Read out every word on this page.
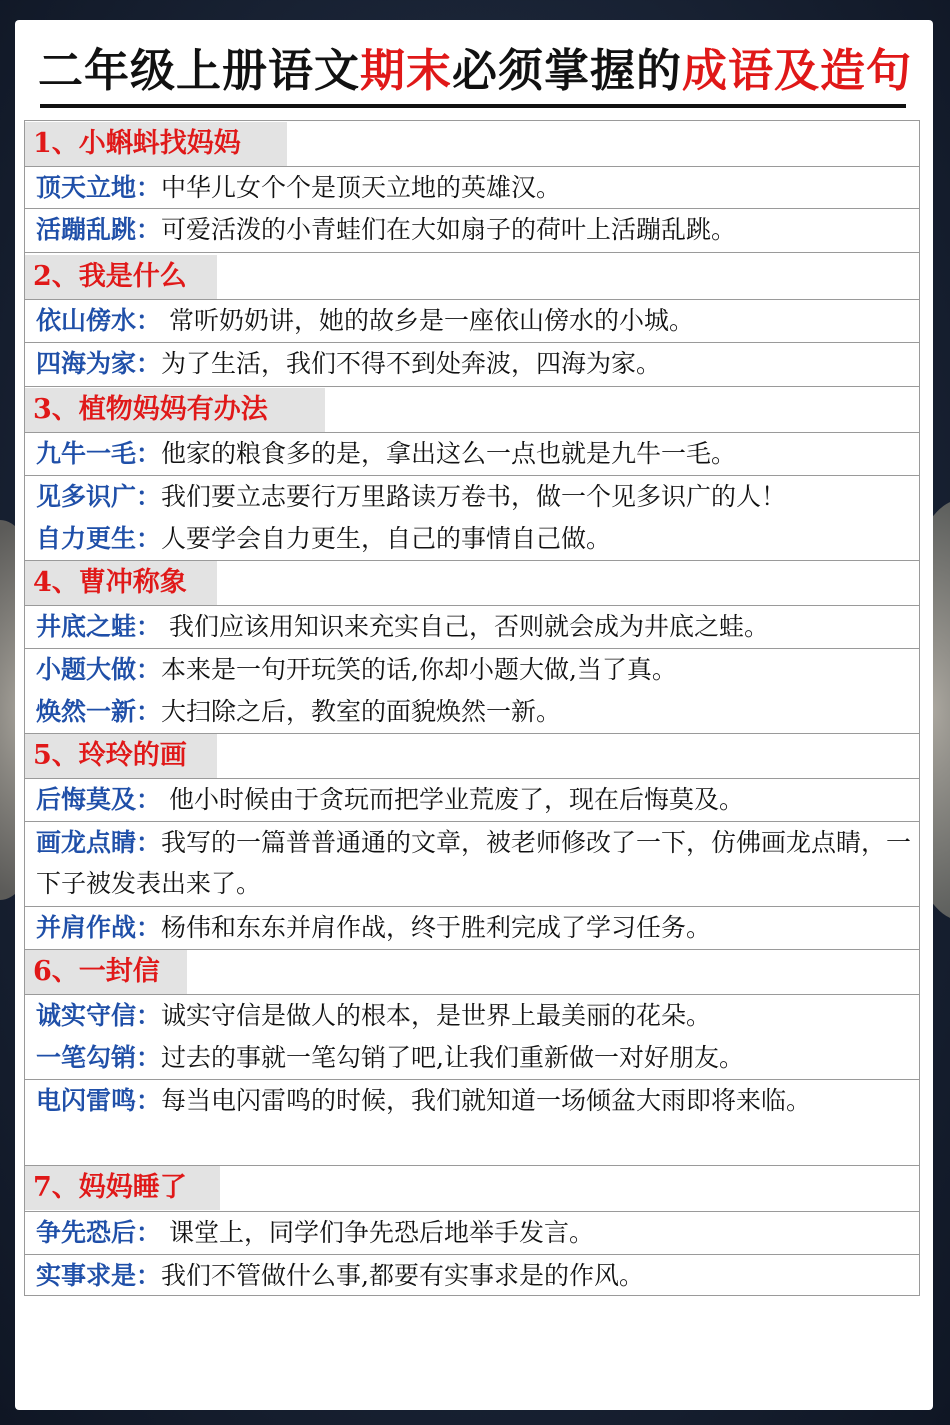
二年级上册语文期末必须掌握的成语及造句
1、小蝌蚪找妈妈
顶天立地：中华儿女个个是顶天立地的英雄汉。
活蹦乱跳：可爱活泼的小青蛙们在大如扇子的荷叶上活蹦乱跳。
2、我是什么
依山傍水： 常听奶奶讲，她的故乡是一座依山傍水的小城。
四海为家：为了生活，我们不得不到处奔波，四海为家。
3、植物妈妈有办法
九牛一毛：他家的粮食多的是，拿出这么一点也就是九牛一毛。
见多识广：我们要立志要行万里路读万卷书，做一个见多识广的人！
自力更生：人要学会自力更生，自己的事情自己做。
4、曹冲称象
井底之蛙： 我们应该用知识来充实自己，否则就会成为井底之蛙。
小题大做：本来是一句开玩笑的话,你却小题大做,当了真。
焕然一新：大扫除之后，教室的面貌焕然一新。
5、玲玲的画
后悔莫及： 他小时候由于贪玩而把学业荒废了，现在后悔莫及。
画龙点睛：我写的一篇普普通通的文章，被老师修改了一下，仿佛画龙点睛，一下子被发表出来了。
并肩作战：杨伟和东东并肩作战，终于胜利完成了学习任务。
6、一封信
诚实守信：诚实守信是做人的根本，是世界上最美丽的花朵。
一笔勾销：过去的事就一笔勾销了吧,让我们重新做一对好朋友。
电闪雷鸣：每当电闪雷鸣的时候，我们就知道一场倾盆大雨即将来临。
7、妈妈睡了
争先恐后： 课堂上，同学们争先恐后地举手发言。
实事求是：我们不管做什么事,都要有实事求是的作风。
